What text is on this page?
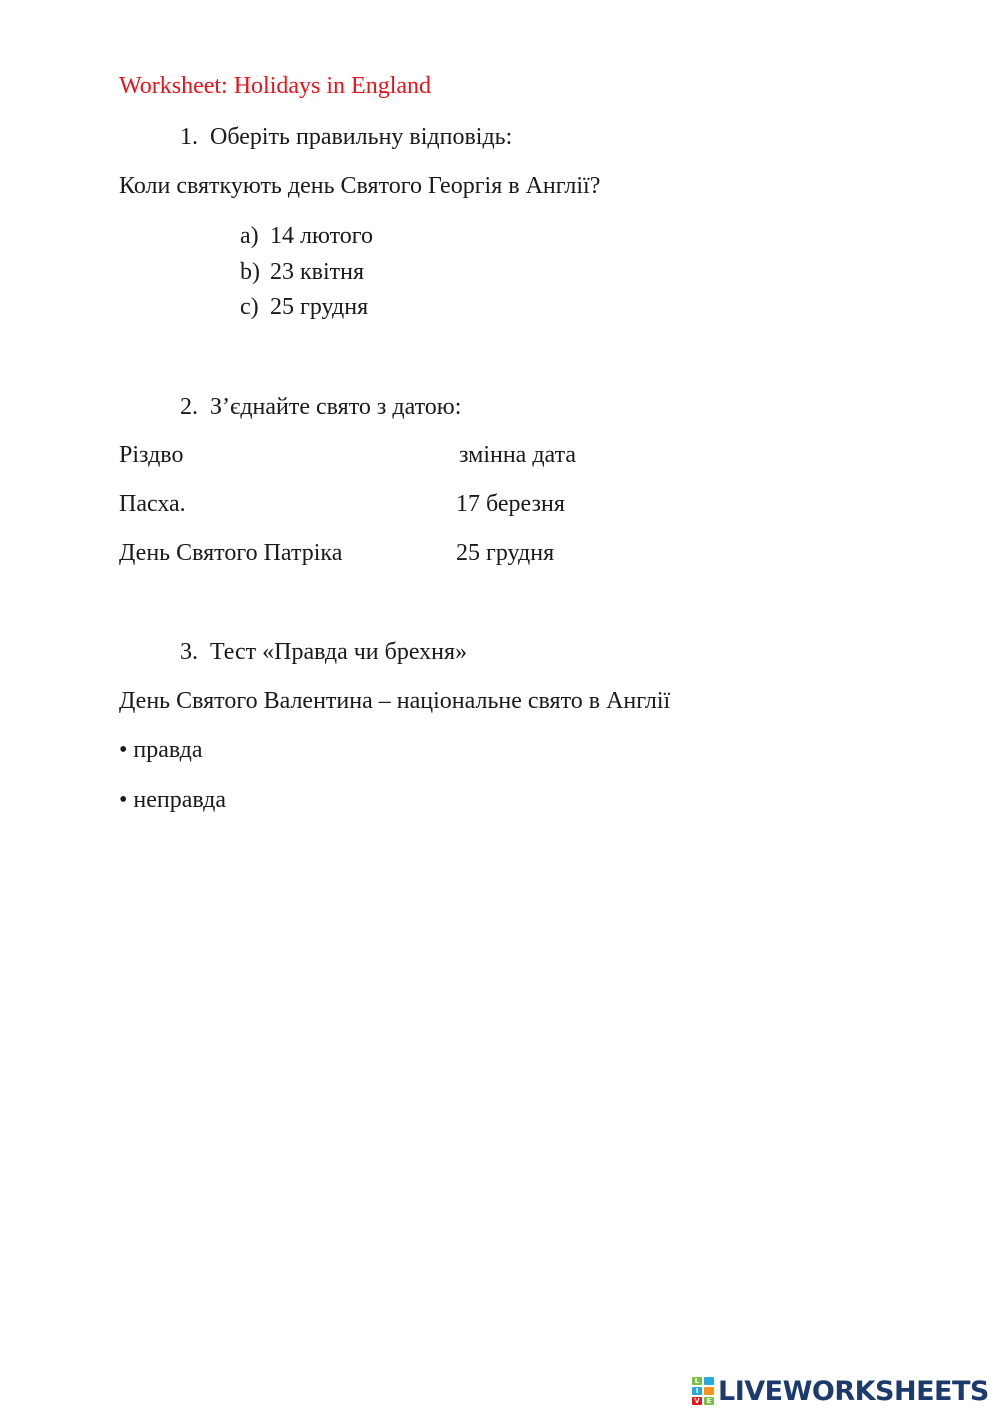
Worksheet: Holidays in England
1. Оберіть правильну відповідь:
Коли святкують день Святого Георгія в Англії?
a) 14 лютого
b) 23 квітня
c) 25 грудня
2. З’єднайте свято з датою:
Різдво	змінна дата
Пасха.	17 березня
День Святого Патріка	25 грудня
3. Тест «Правда чи брехня»
День Святого Валентина – національне свято в Англії
• правда
• неправда
L
I
V E LIVEWORKSHEETS
